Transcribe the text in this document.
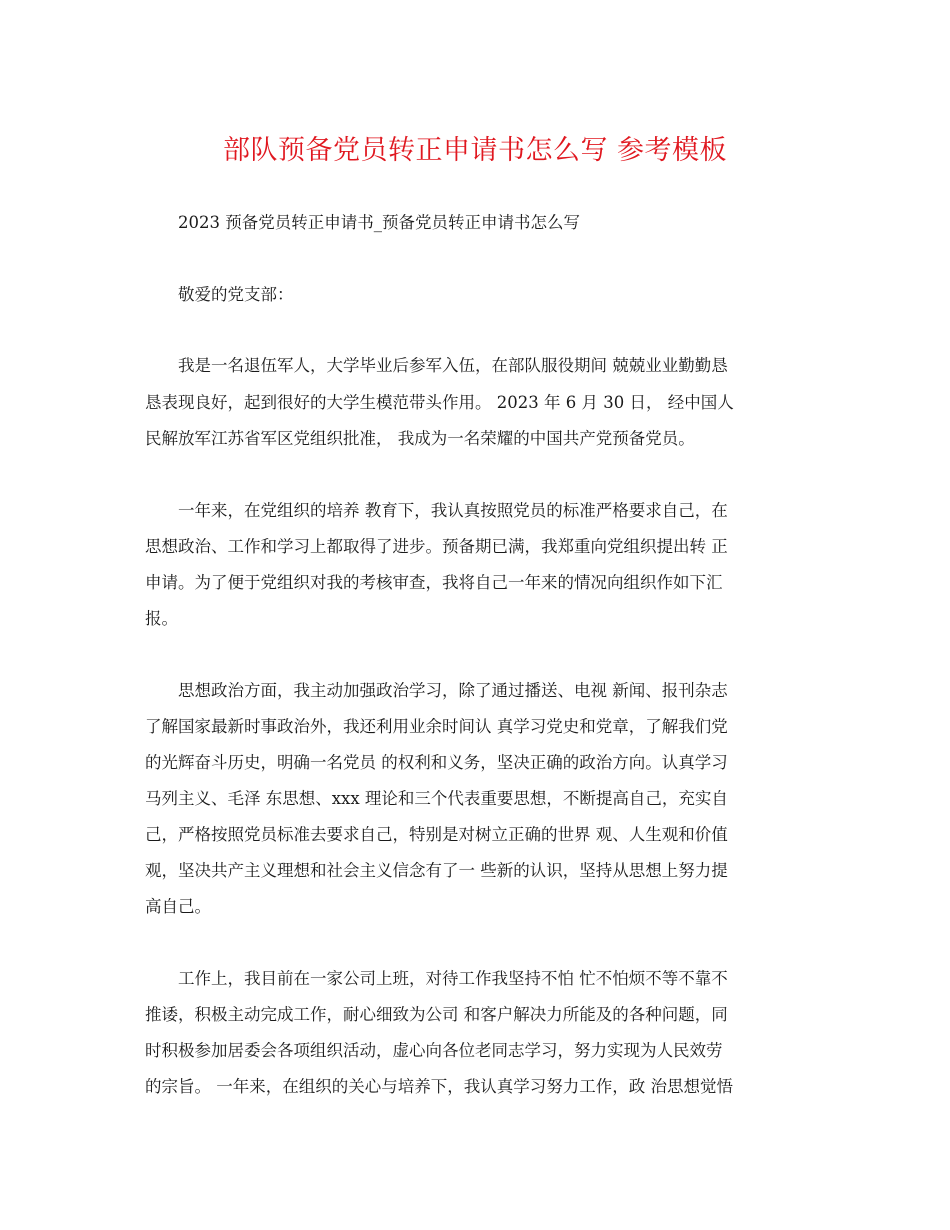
部队预备党员转正申请书怎么写 参考模板
2023 预备党员转正申请书_预备党员转正申请书怎么写
敬爱的党支部：
我是一名退伍军人，大学毕业后参军入伍，在部队服役期间 兢兢业业勤勤恳
恳表现良好，起到很好的大学生模范带头作用。 2023 年 6 月 30 日， 经中国人
民解放军江苏省军区党组织批准， 我成为一名荣耀的中国共产党预备党员。
一年来，在党组织的培养 教育下，我认真按照党员的标准严格要求自己，在
思想政治、工作和学习上都取得了进步。预备期已满，我郑重向党组织提出转 正
申请。为了便于党组织对我的考核审查，我将自己一年来的情况向组织作如下汇
报。
思想政治方面，我主动加强政治学习，除了通过播送、电视 新闻、报刊杂志
了解国家最新时事政治外，我还利用业余时间认 真学习党史和党章，了解我们党
的光辉奋斗历史，明确一名党员 的权利和义务，坚决正确的政治方向。认真学习
马列主义、毛泽 东思想、xxx 理论和三个代表重要思想，不断提高自己，充实自
己，严格按照党员标准去要求自己，特别是对树立正确的世界 观、人生观和价值
观，坚决共产主义理想和社会主义信念有了一 些新的认识，坚持从思想上努力提
高自己。
工作上，我目前在一家公司上班，对待工作我坚持不怕 忙不怕烦不等不靠不
推诿，积极主动完成工作，耐心细致为公司 和客户解决力所能及的各种问题，同
时积极参加居委会各项组织活动，虚心向各位老同志学习，努力实现为人民效劳
的宗旨。 一年来，在组织的关心与培养下，我认真学习努力工作，政 治思想觉悟
